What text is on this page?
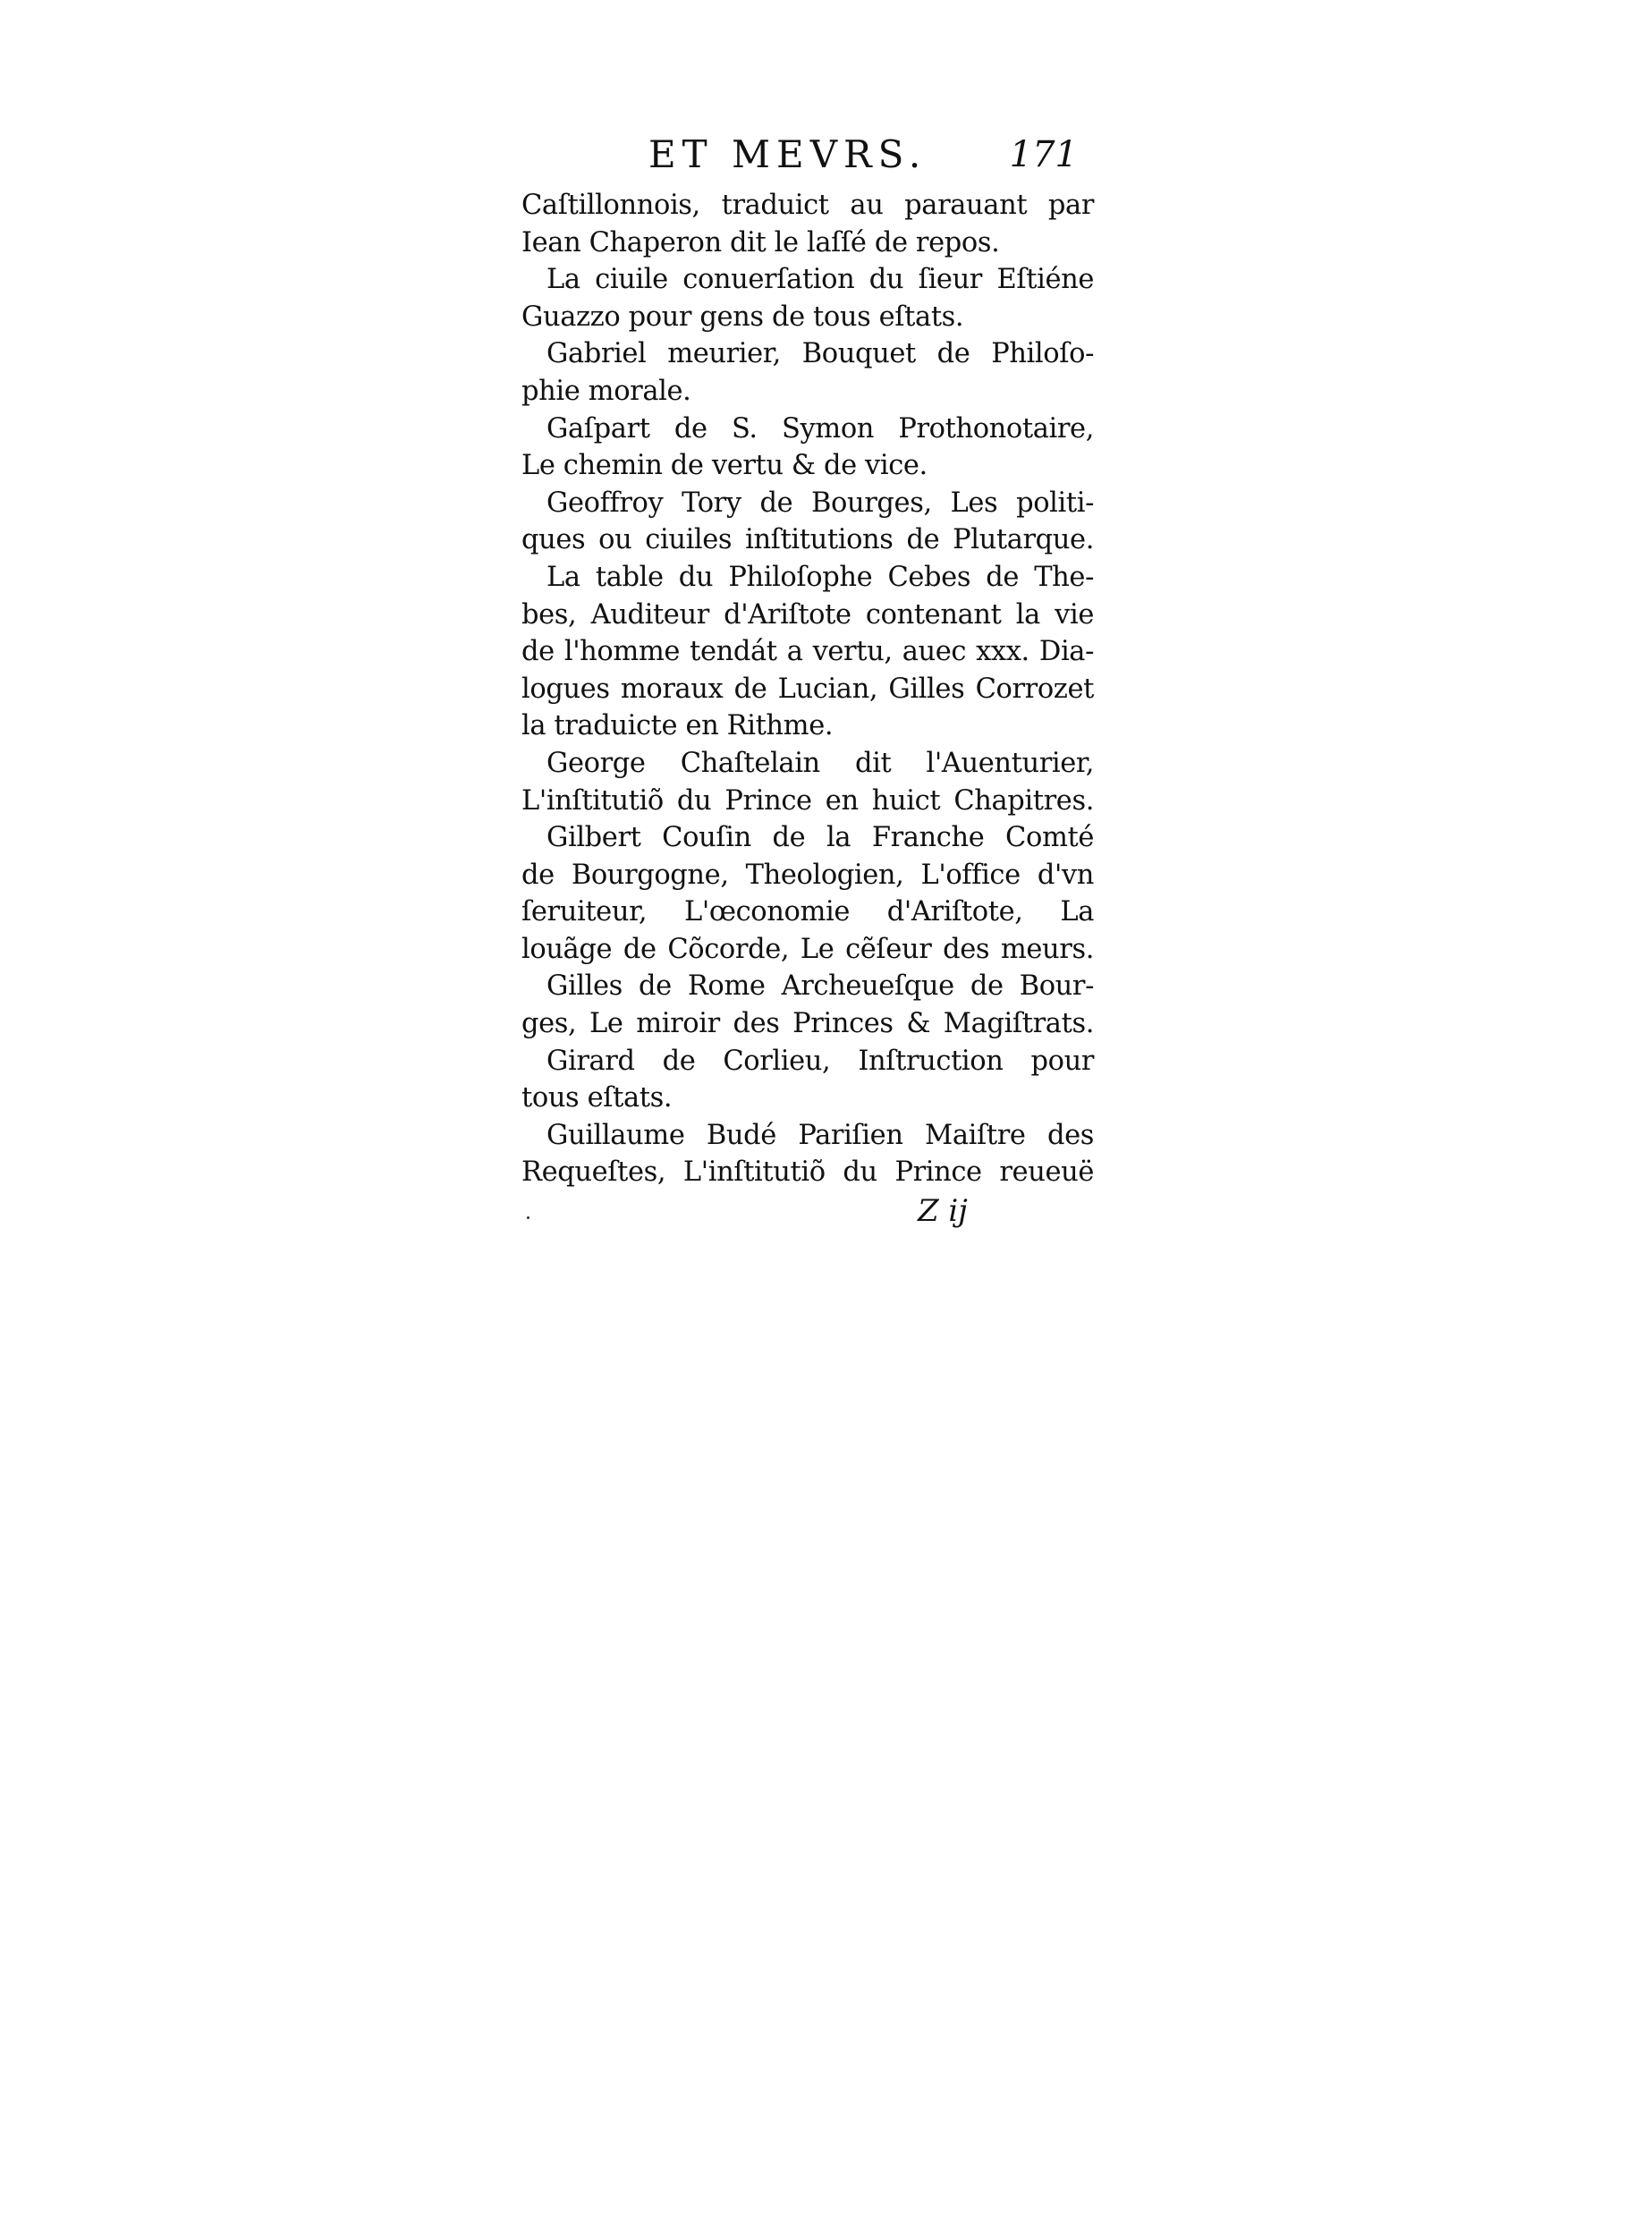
ET MEVRS. 171
Caſtillonnois, traduict au parauant par
Iean Chaperon dit le laſſé de repos.
La ciuile conuerſation du ſieur Eſtiéne
Guazzo pour gens de tous eſtats.
Gabriel meurier, Bouquet de Philoſo-
phie morale.
Gaſpart de S. Symon Prothonotaire,
Le chemin de vertu & de vice.
Geoffroy Tory de Bourges, Les politi-
ques ou ciuiles inſtitutions de Plutarque.
La table du Philoſophe Cebes de The-
bes, Auditeur d'Ariſtote contenant la vie
de l'homme tendát a vertu, auec xxx. Dia-
logues moraux de Lucian, Gilles Corrozet
la traduicte en Rithme.
George Chaſtelain dit l'Auenturier,
L'inſtitutiõ du Prince en huict Chapitres.
Gilbert Couſin de la Franche Comté
de Bourgogne, Theologien, L'office d'vn
ſeruiteur, L'œconomie d'Ariſtote, La
louãge de Cõcorde, Le cẽſeur des meurs.
Gilles de Rome Archeueſque de Bour-
ges, Le miroir des Princes & Magiſtrats.
Girard de Corlieu, Inſtruction pour
tous eſtats.
Guillaume Budé Pariſien Maiſtre des
Requeſtes, L'inſtitutiõ du Prince reueuë
Z ij
